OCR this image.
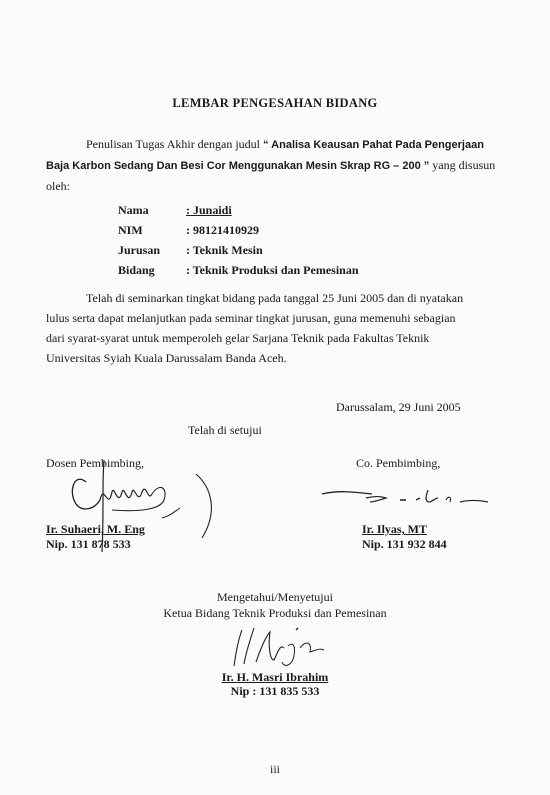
LEMBAR PENGESAHAN BIDANG
Penulisan Tugas Akhir dengan judul “ Analisa Keausan Pahat Pada Pengerjaan
Baja Karbon Sedang Dan Besi Cor Menggunakan Mesin Skrap RG – 200 ” yang disusun
oleh:
Nama	: Junaidi
NIM	: 98121410929
Jurusan	: Teknik Mesin
Bidang	: Teknik Produksi dan Pemesinan
Telah di seminarkan tingkat bidang pada tanggal 25 Juni 2005 dan di nyatakan
lulus serta dapat melanjutkan pada seminar tingkat jurusan, guna memenuhi sebagian
dari syarat-syarat untuk memperoleh gelar Sarjana Teknik pada Fakultas Teknik
Universitas Syiah Kuala Darussalam Banda Aceh.
Darussalam, 29 Juni 2005
Telah di setujui
Dosen Pembimbing,	Co. Pembimbing,
Ir. Suhaeri, M. Eng
Nip. 131 878 533
Ir. Ilyas, MT
Nip. 131 932 844
Mengetahui/Menyetujui
Ketua Bidang Teknik Produksi dan Pemesinan
Ir. H. Masri Ibrahim
Nip : 131 835 533
iii
